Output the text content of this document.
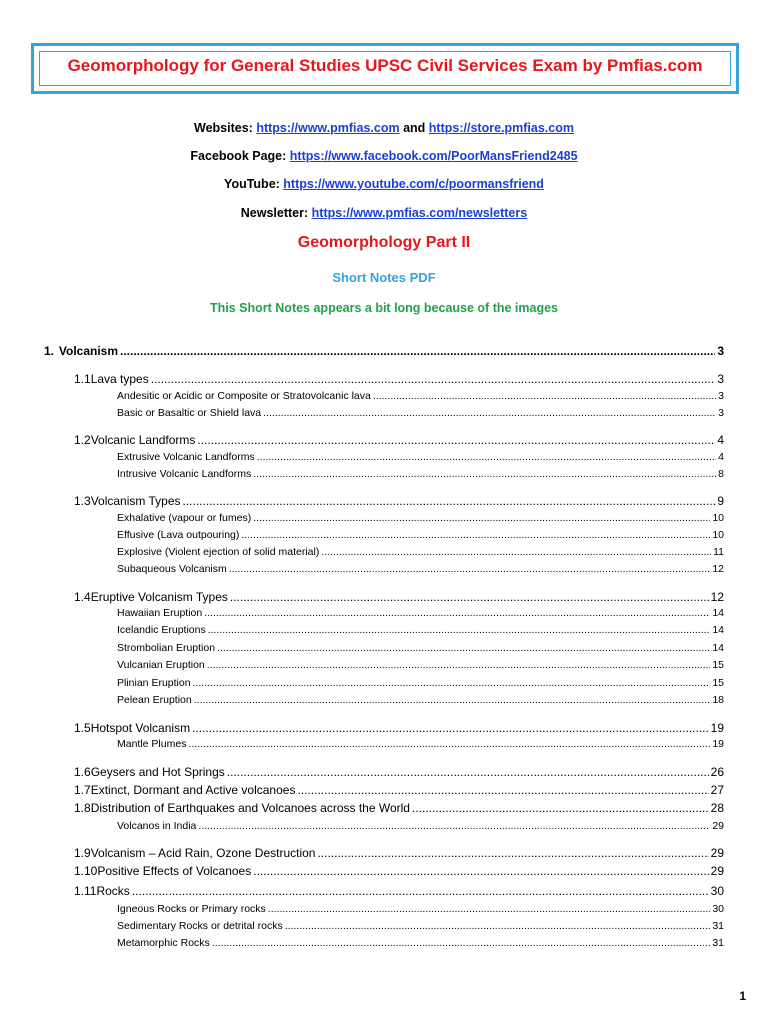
Geomorphology for General Studies UPSC Civil Services Exam by Pmfias.com
Websites: https://www.pmfias.com and https://store.pmfias.com
Facebook Page: https://www.facebook.com/PoorMansFriend2485
YouTube: https://www.youtube.com/c/poormansfriend
Newsletter: https://www.pmfias.com/newsletters
Geomorphology Part II
Short Notes PDF
This Short Notes appears a bit long because of the images
1. Volcanism .....	3
1.1 Lava types .....	3
Andesitic or Acidic or Composite or Stratovolcanic lava .....	3
Basic or Basaltic or Shield lava .....	3
1.2 Volcanic Landforms .....	4
Extrusive Volcanic Landforms .....	4
Intrusive Volcanic Landforms .....	8
1.3 Volcanism Types .....	9
Exhalative (vapour or fumes) .....	10
Effusive (Lava outpouring) .....	10
Explosive (Violent ejection of solid material) .....	11
Subaqueous Volcanism .....	12
1.4 Eruptive Volcanism Types .....	12
Hawaiian Eruption .....	14
Icelandic Eruptions .....	14
Strombolian Eruption .....	14
Vulcanian Eruption .....	15
Plinian Eruption .....	15
Pelean Eruption .....	18
1.5 Hotspot Volcanism .....	19
Mantle Plumes .....	19
1.6 Geysers and Hot Springs .....	26
1.7 Extinct, Dormant and Active volcanoes .....	27
1.8 Distribution of Earthquakes and Volcanoes across the World .....	28
Volcanos in India .....	29
1.9 Volcanism – Acid Rain, Ozone Destruction .....	29
1.10 Positive Effects of Volcanoes .....	29
1.11 Rocks .....	30
Igneous Rocks or Primary rocks .....	30
Sedimentary Rocks or detrital rocks .....	31
Metamorphic Rocks .....	31
1
